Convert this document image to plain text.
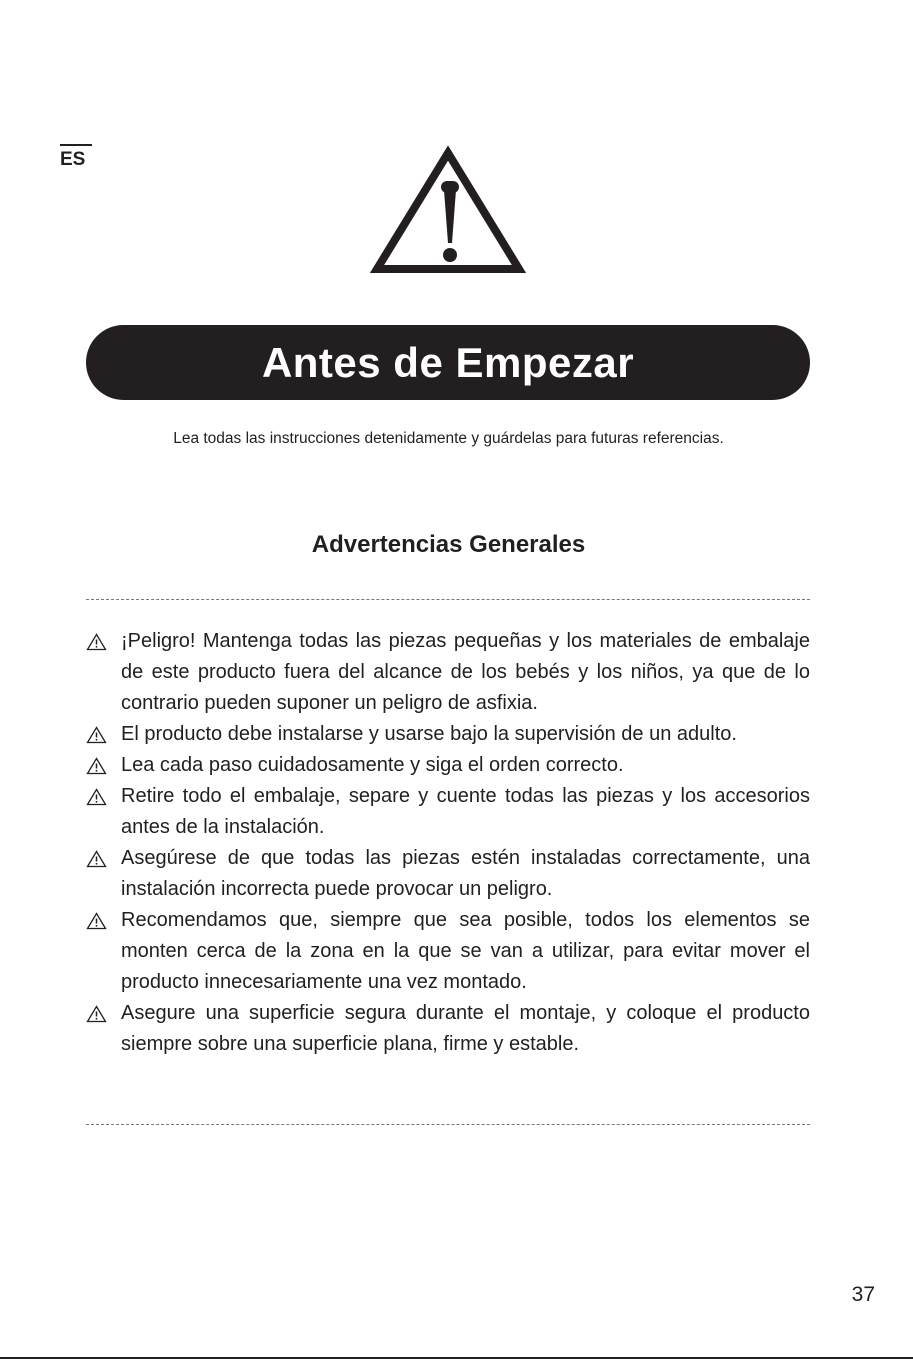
ES
Antes de Empezar
Lea todas las instrucciones detenidamente y guárdelas para futuras referencias.
Advertencias Generales
¡Peligro! Mantenga todas las piezas pequeñas y los materiales de embalaje de este producto fuera del alcance de los bebés y los niños, ya que de lo contrario pueden suponer un peligro de asfixia.
El producto debe instalarse y usarse bajo la supervisión de un adulto.
Lea cada paso cuidadosamente y siga el orden correcto.
Retire todo el embalaje, separe y cuente todas las piezas y los accesorios antes de la instalación.
Asegúrese de que todas las piezas estén instaladas correctamente, una instalación incorrecta puede provocar un peligro.
Recomendamos que, siempre que sea posible, todos los elementos se monten cerca de la zona en la que se van a utilizar, para evitar mover el producto innecesariamente una vez montado.
Asegure una superficie segura durante el montaje, y coloque el producto siempre sobre una superficie plana, firme y estable.
37
